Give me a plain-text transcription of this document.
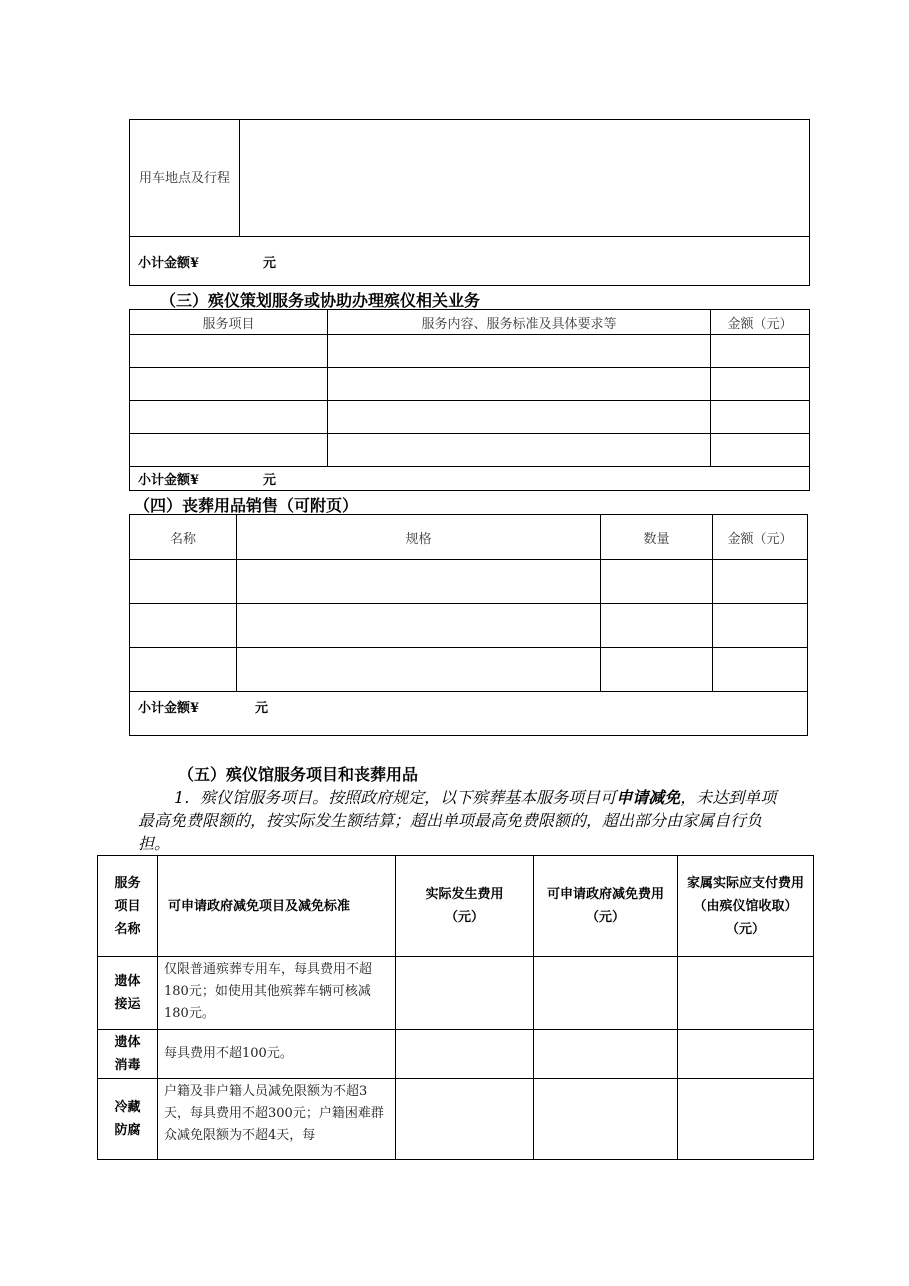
用车地点及行程	
小计金额¥	元
（三）殡仪策划服务或协助办理殡仪相关业务
服务项目	服务内容、服务标准及具体要求等	金额（元）

小计金额¥ 元		
（四）丧葬用品销售（可附页）
名称	规格	数量	金额（元）

小计金额¥ 元			
（五）殡仪馆服务项目和丧葬用品
1．殡仪馆服务项目。按照政府规定，以下殡葬基本服务项目可申请减免，未达到单项最高免费限额的，按实际发生额结算；超出单项最高免费限额的，超出部分由家属自行负担。
服务项目名称	可申请政府减免项目及减免标准	实际发生费用（元）	可申请政府减免费用（元）	家属实际应支付费用（由殡仪馆收取）（元）
遗体接运	仅限普通殡葬专用车，每具费用不超180元；如使用其他殡葬车辆可核减180元。			
遗体消毒	每具费用不超100元。			
冷藏防腐	户籍及非户籍人员减免限额为不超3天，每具费用不超300元；户籍困难群众减免限额为不超4天，每			
